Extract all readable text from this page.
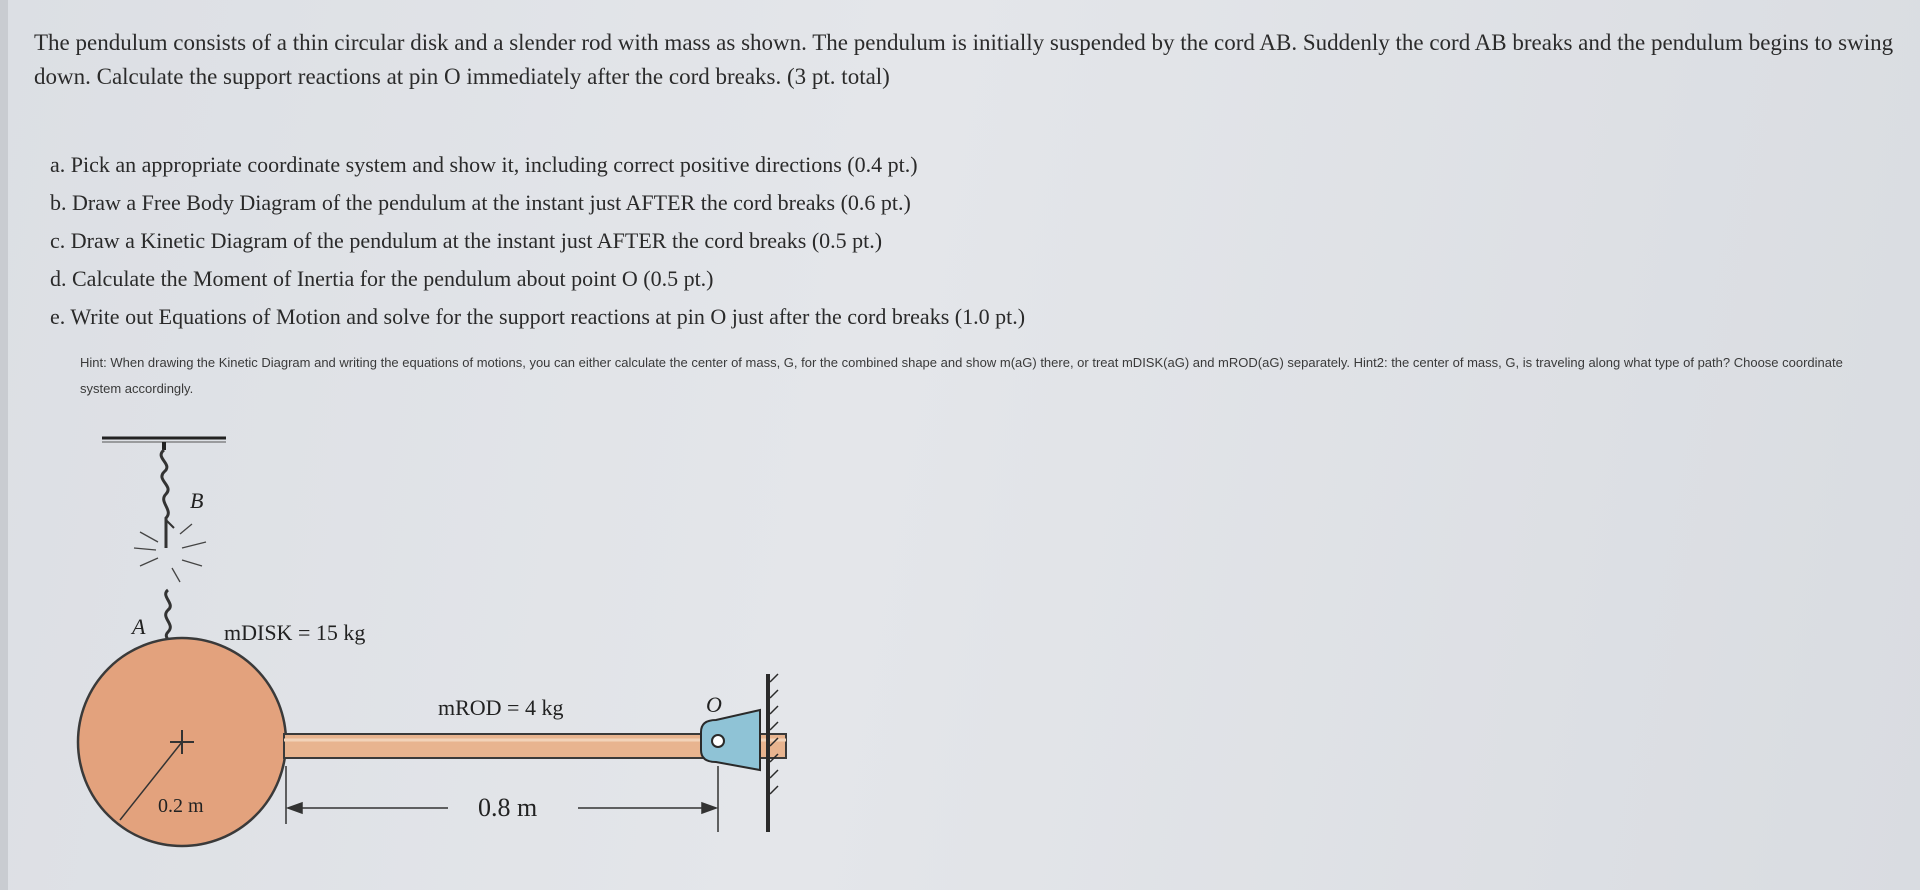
The pendulum consists of a thin circular disk and a slender rod with mass as shown. The pendulum is initially suspended by the cord AB. Suddenly the cord AB breaks and the pendulum begins to swing down. Calculate the support reactions at pin O immediately after the cord breaks. (3 pt. total)
a. Pick an appropriate coordinate system and show it, including correct positive directions (0.4 pt.)
b. Draw a Free Body Diagram of the pendulum at the instant just AFTER the cord breaks (0.6 pt.)
c. Draw a Kinetic Diagram of the pendulum at the instant just AFTER the cord breaks (0.5 pt.)
d. Calculate the Moment of Inertia for the pendulum about point O (0.5 pt.)
e. Write out Equations of Motion and solve for the support reactions at pin O just after the cord breaks (1.0 pt.)
Hint: When drawing the Kinetic Diagram and writing the equations of motions, you can either calculate the center of mass, G, for the combined shape and show m(aG) there, or treat mDISK(aG) and mROD(aG) separately. Hint2: the center of mass, G, is traveling along what type of path? Choose coordinate system accordingly.
B
A
0.2 m
mDISK = 15 kg
mROD = 4 kg	O
0.8 m
